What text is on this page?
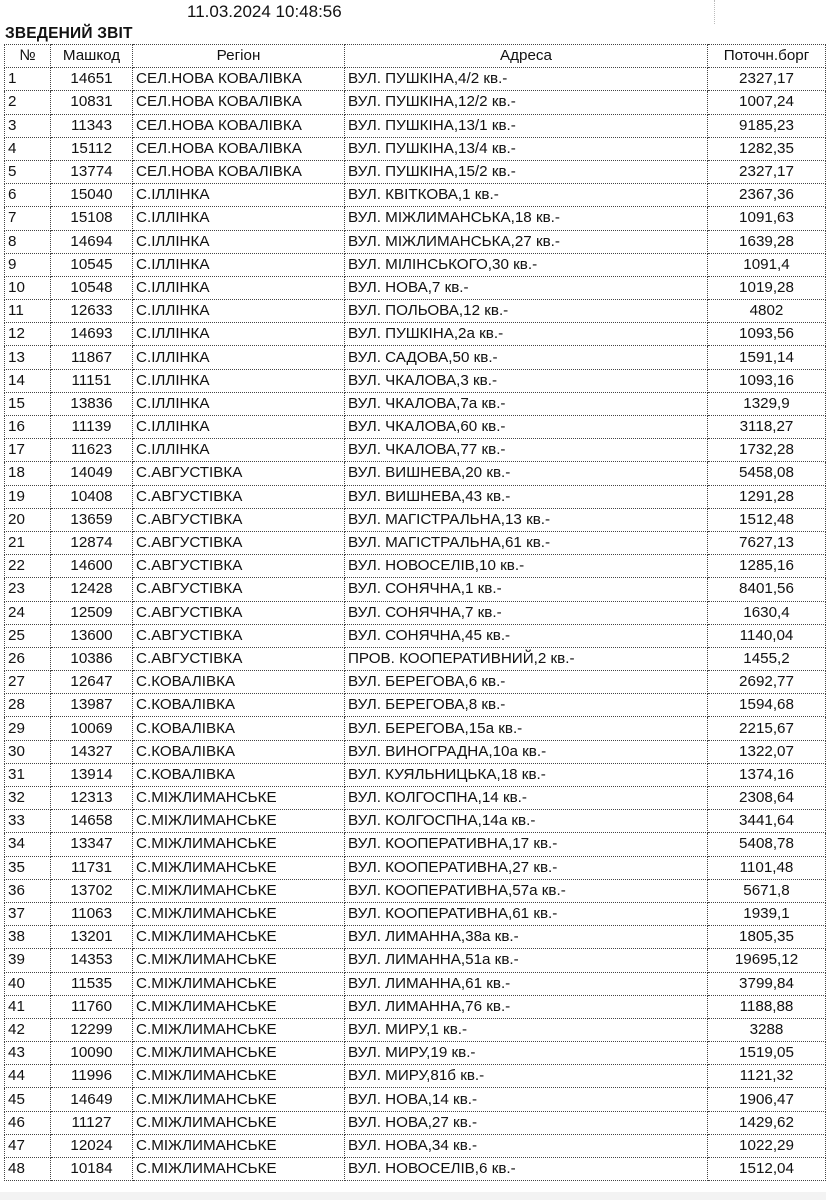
11.03.2024 10:48:56
ЗВЕДЕНИЙ ЗВІТ
№	Машкод	Регіон	Адреса	Поточн.борг
1	14651	СЕЛ.НОВА КОВАЛІВКА	ВУЛ. ПУШКІНА,4/2 кв.-	2327,17
2	10831	СЕЛ.НОВА КОВАЛІВКА	ВУЛ. ПУШКІНА,12/2 кв.-	1007,24
3	11343	СЕЛ.НОВА КОВАЛІВКА	ВУЛ. ПУШКІНА,13/1 кв.-	9185,23
4	15112	СЕЛ.НОВА КОВАЛІВКА	ВУЛ. ПУШКІНА,13/4 кв.-	1282,35
5	13774	СЕЛ.НОВА КОВАЛІВКА	ВУЛ. ПУШКІНА,15/2 кв.-	2327,17
6	15040	С.ІЛЛІНКА	ВУЛ. КВІТКОВА,1 кв.-	2367,36
7	15108	С.ІЛЛІНКА	ВУЛ. МІЖЛИМАНСЬКА,18 кв.-	1091,63
8	14694	С.ІЛЛІНКА	ВУЛ. МІЖЛИМАНСЬКА,27 кв.-	1639,28
9	10545	С.ІЛЛІНКА	ВУЛ. МІЛІНСЬКОГО,30 кв.-	1091,4
10	10548	С.ІЛЛІНКА	ВУЛ. НОВА,7 кв.-	1019,28
11	12633	С.ІЛЛІНКА	ВУЛ. ПОЛЬОВА,12 кв.-	4802
12	14693	С.ІЛЛІНКА	ВУЛ. ПУШКІНА,2а кв.-	1093,56
13	11867	С.ІЛЛІНКА	ВУЛ. САДОВА,50 кв.-	1591,14
14	11151	С.ІЛЛІНКА	ВУЛ. ЧКАЛОВА,3 кв.-	1093,16
15	13836	С.ІЛЛІНКА	ВУЛ. ЧКАЛОВА,7а кв.-	1329,9
16	11139	С.ІЛЛІНКА	ВУЛ. ЧКАЛОВА,60 кв.-	3118,27
17	11623	С.ІЛЛІНКА	ВУЛ. ЧКАЛОВА,77 кв.-	1732,28
18	14049	С.АВГУСТІВКА	ВУЛ. ВИШНЕВА,20 кв.-	5458,08
19	10408	С.АВГУСТІВКА	ВУЛ. ВИШНЕВА,43 кв.-	1291,28
20	13659	С.АВГУСТІВКА	ВУЛ. МАГІСТРАЛЬНА,13 кв.-	1512,48
21	12874	С.АВГУСТІВКА	ВУЛ. МАГІСТРАЛЬНА,61 кв.-	7627,13
22	14600	С.АВГУСТІВКА	ВУЛ. НОВОСЕЛІВ,10 кв.-	1285,16
23	12428	С.АВГУСТІВКА	ВУЛ. СОНЯЧНА,1 кв.-	8401,56
24	12509	С.АВГУСТІВКА	ВУЛ. СОНЯЧНА,7 кв.-	1630,4
25	13600	С.АВГУСТІВКА	ВУЛ. СОНЯЧНА,45 кв.-	1140,04
26	10386	С.АВГУСТІВКА	ПРОВ. КООПЕРАТИВНИЙ,2 кв.-	1455,2
27	12647	С.КОВАЛІВКА	ВУЛ. БЕРЕГОВА,6 кв.-	2692,77
28	13987	С.КОВАЛІВКА	ВУЛ. БЕРЕГОВА,8 кв.-	1594,68
29	10069	С.КОВАЛІВКА	ВУЛ. БЕРЕГОВА,15а кв.-	2215,67
30	14327	С.КОВАЛІВКА	ВУЛ. ВИНОГРАДНА,10а кв.-	1322,07
31	13914	С.КОВАЛІВКА	ВУЛ. КУЯЛЬНИЦЬКА,18 кв.-	1374,16
32	12313	С.МІЖЛИМАНСЬКЕ	ВУЛ. КОЛГОСПНА,14 кв.-	2308,64
33	14658	С.МІЖЛИМАНСЬКЕ	ВУЛ. КОЛГОСПНА,14а кв.-	3441,64
34	13347	С.МІЖЛИМАНСЬКЕ	ВУЛ. КООПЕРАТИВНА,17 кв.-	5408,78
35	11731	С.МІЖЛИМАНСЬКЕ	ВУЛ. КООПЕРАТИВНА,27 кв.-	1101,48
36	13702	С.МІЖЛИМАНСЬКЕ	ВУЛ. КООПЕРАТИВНА,57а кв.-	5671,8
37	11063	С.МІЖЛИМАНСЬКЕ	ВУЛ. КООПЕРАТИВНА,61 кв.-	1939,1
38	13201	С.МІЖЛИМАНСЬКЕ	ВУЛ. ЛИМАННА,38а кв.-	1805,35
39	14353	С.МІЖЛИМАНСЬКЕ	ВУЛ. ЛИМАННА,51а кв.-	19695,12
40	11535	С.МІЖЛИМАНСЬКЕ	ВУЛ. ЛИМАННА,61 кв.-	3799,84
41	11760	С.МІЖЛИМАНСЬКЕ	ВУЛ. ЛИМАННА,76 кв.-	1188,88
42	12299	С.МІЖЛИМАНСЬКЕ	ВУЛ. МИРУ,1 кв.-	3288
43	10090	С.МІЖЛИМАНСЬКЕ	ВУЛ. МИРУ,19 кв.-	1519,05
44	11996	С.МІЖЛИМАНСЬКЕ	ВУЛ. МИРУ,81б кв.-	1121,32
45	14649	С.МІЖЛИМАНСЬКЕ	ВУЛ. НОВА,14 кв.-	1906,47
46	11127	С.МІЖЛИМАНСЬКЕ	ВУЛ. НОВА,27 кв.-	1429,62
47	12024	С.МІЖЛИМАНСЬКЕ	ВУЛ. НОВА,34 кв.-	1022,29
48	10184	С.МІЖЛИМАНСЬКЕ	ВУЛ. НОВОСЕЛІВ,6 кв.-	1512,04
